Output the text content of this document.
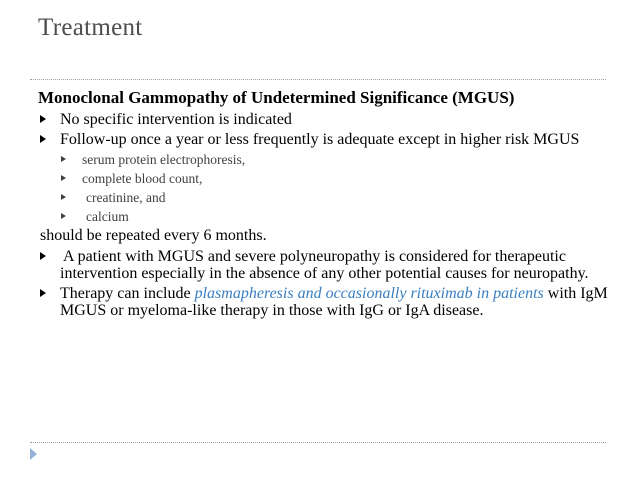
Treatment
Monoclonal Gammopathy of Undetermined Significance (MGUS)
No specific intervention is indicated
Follow-up once a year or less frequently is adequate except in higher risk MGUS
serum protein electrophoresis,
complete blood count,
creatinine, and
calcium
should be repeated every 6 months.
A patient with MGUS and severe polyneuropathy is considered for therapeutic intervention especially in the absence of any other potential causes for neuropathy.
Therapy can include plasmapheresis and occasionally rituximab in patients with IgM MGUS or myeloma-like therapy in those with IgG or IgA disease.
